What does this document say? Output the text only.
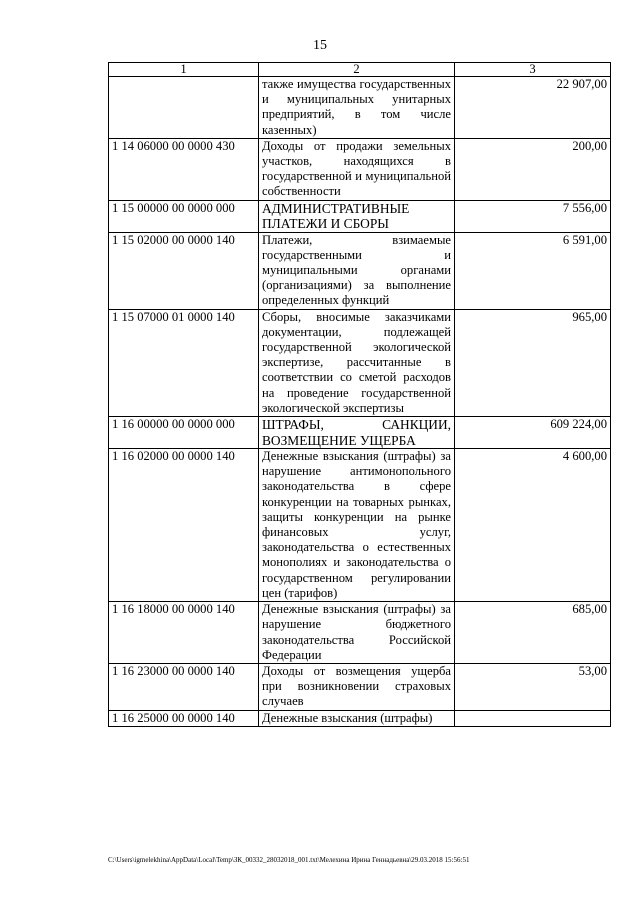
15
1	2	3
	также имущества государственных и муниципальных унитарных предприятий, в том числе казенных)	22 907,00
1 14 06000 00 0000 430	Доходы от продажи земельных участков, находящихся в государственной и муниципальной собственности	200,00
1 15 00000 00 0000 000	АДМИНИСТРАТИВНЫЕ ПЛАТЕЖИ И СБОРЫ	7 556,00
1 15 02000 00 0000 140	Платежи, взимаемые государственными и муниципальными органами (организациями) за выполнение определенных функций	6 591,00
1 15 07000 01 0000 140	Сборы, вносимые заказчиками документации, подлежащей государственной экологической экспертизе, рассчитанные в соответствии со сметой расходов на проведение государственной экологической экспертизы	965,00
1 16 00000 00 0000 000	ШТРАФЫ, САНКЦИИ, ВОЗМЕЩЕНИЕ УЩЕРБА	609 224,00
1 16 02000 00 0000 140	Денежные взыскания (штрафы) за нарушение антимонопольного законодательства в сфере конкуренции на товарных рынках, защиты конкуренции на рынке финансовых услуг, законодательства о естественных монополиях и законодательства о государственном регулировании цен (тарифов)	4 600,00
1 16 18000 00 0000 140	Денежные взыскания (штрафы) за нарушение бюджетного законодательства Российской Федерации	685,00
1 16 23000 00 0000 140	Доходы от возмещения ущерба при возникновении страховых случаев	53,00
1 16 25000 00 0000 140	Денежные взыскания (штрафы)	
C:\Users\igmelekhina\AppData\Local\Temp\ЗК_00332_28032018_001.txt\Мелехина Ирина Геннадьевна\29.03.2018 15:56:51
